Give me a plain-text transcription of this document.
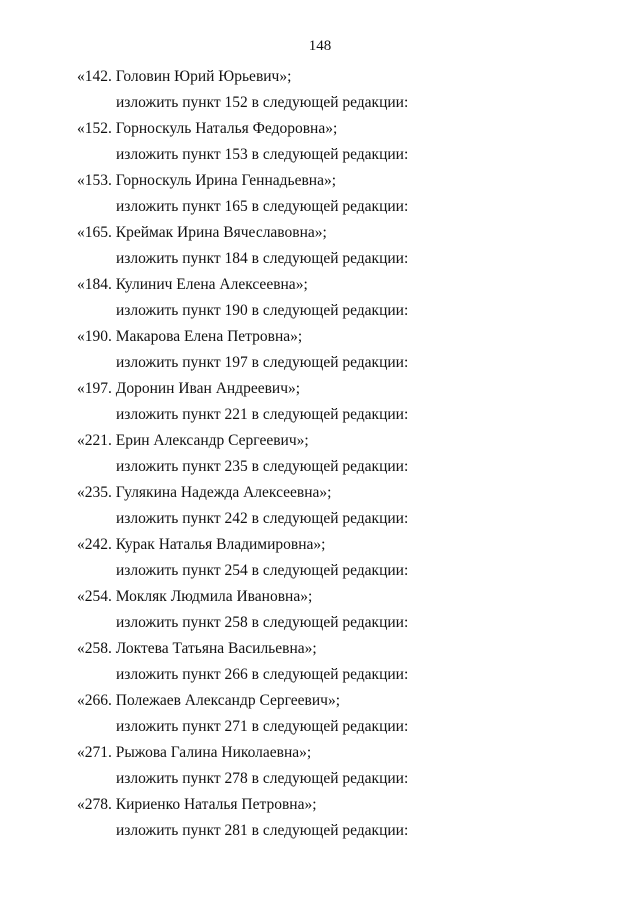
148
«142. Головин Юрий Юрьевич»;
изложить пункт 152 в следующей редакции:
«152. Горноскуль Наталья Федоровна»;
изложить пункт 153 в следующей редакции:
«153. Горноскуль Ирина Геннадьевна»;
изложить пункт 165 в следующей редакции:
«165. Креймак Ирина Вячеславовна»;
изложить пункт 184 в следующей редакции:
«184. Кулинич Елена Алексеевна»;
изложить пункт 190 в следующей редакции:
«190. Макарова Елена Петровна»;
изложить пункт 197 в следующей редакции:
«197. Доронин Иван Андреевич»;
изложить пункт 221 в следующей редакции:
«221. Ерин Александр Сергеевич»;
изложить пункт 235 в следующей редакции:
«235. Гулякина Надежда Алексеевна»;
изложить пункт 242 в следующей редакции:
«242. Курак Наталья Владимировна»;
изложить пункт 254 в следующей редакции:
«254. Мокляк Людмила Ивановна»;
изложить пункт 258 в следующей редакции:
«258. Локтева Татьяна Васильевна»;
изложить пункт 266 в следующей редакции:
«266. Полежаев Александр Сергеевич»;
изложить пункт 271 в следующей редакции:
«271. Рыжова Галина Николаевна»;
изложить пункт 278 в следующей редакции:
«278. Кириенко Наталья Петровна»;
изложить пункт 281 в следующей редакции:
